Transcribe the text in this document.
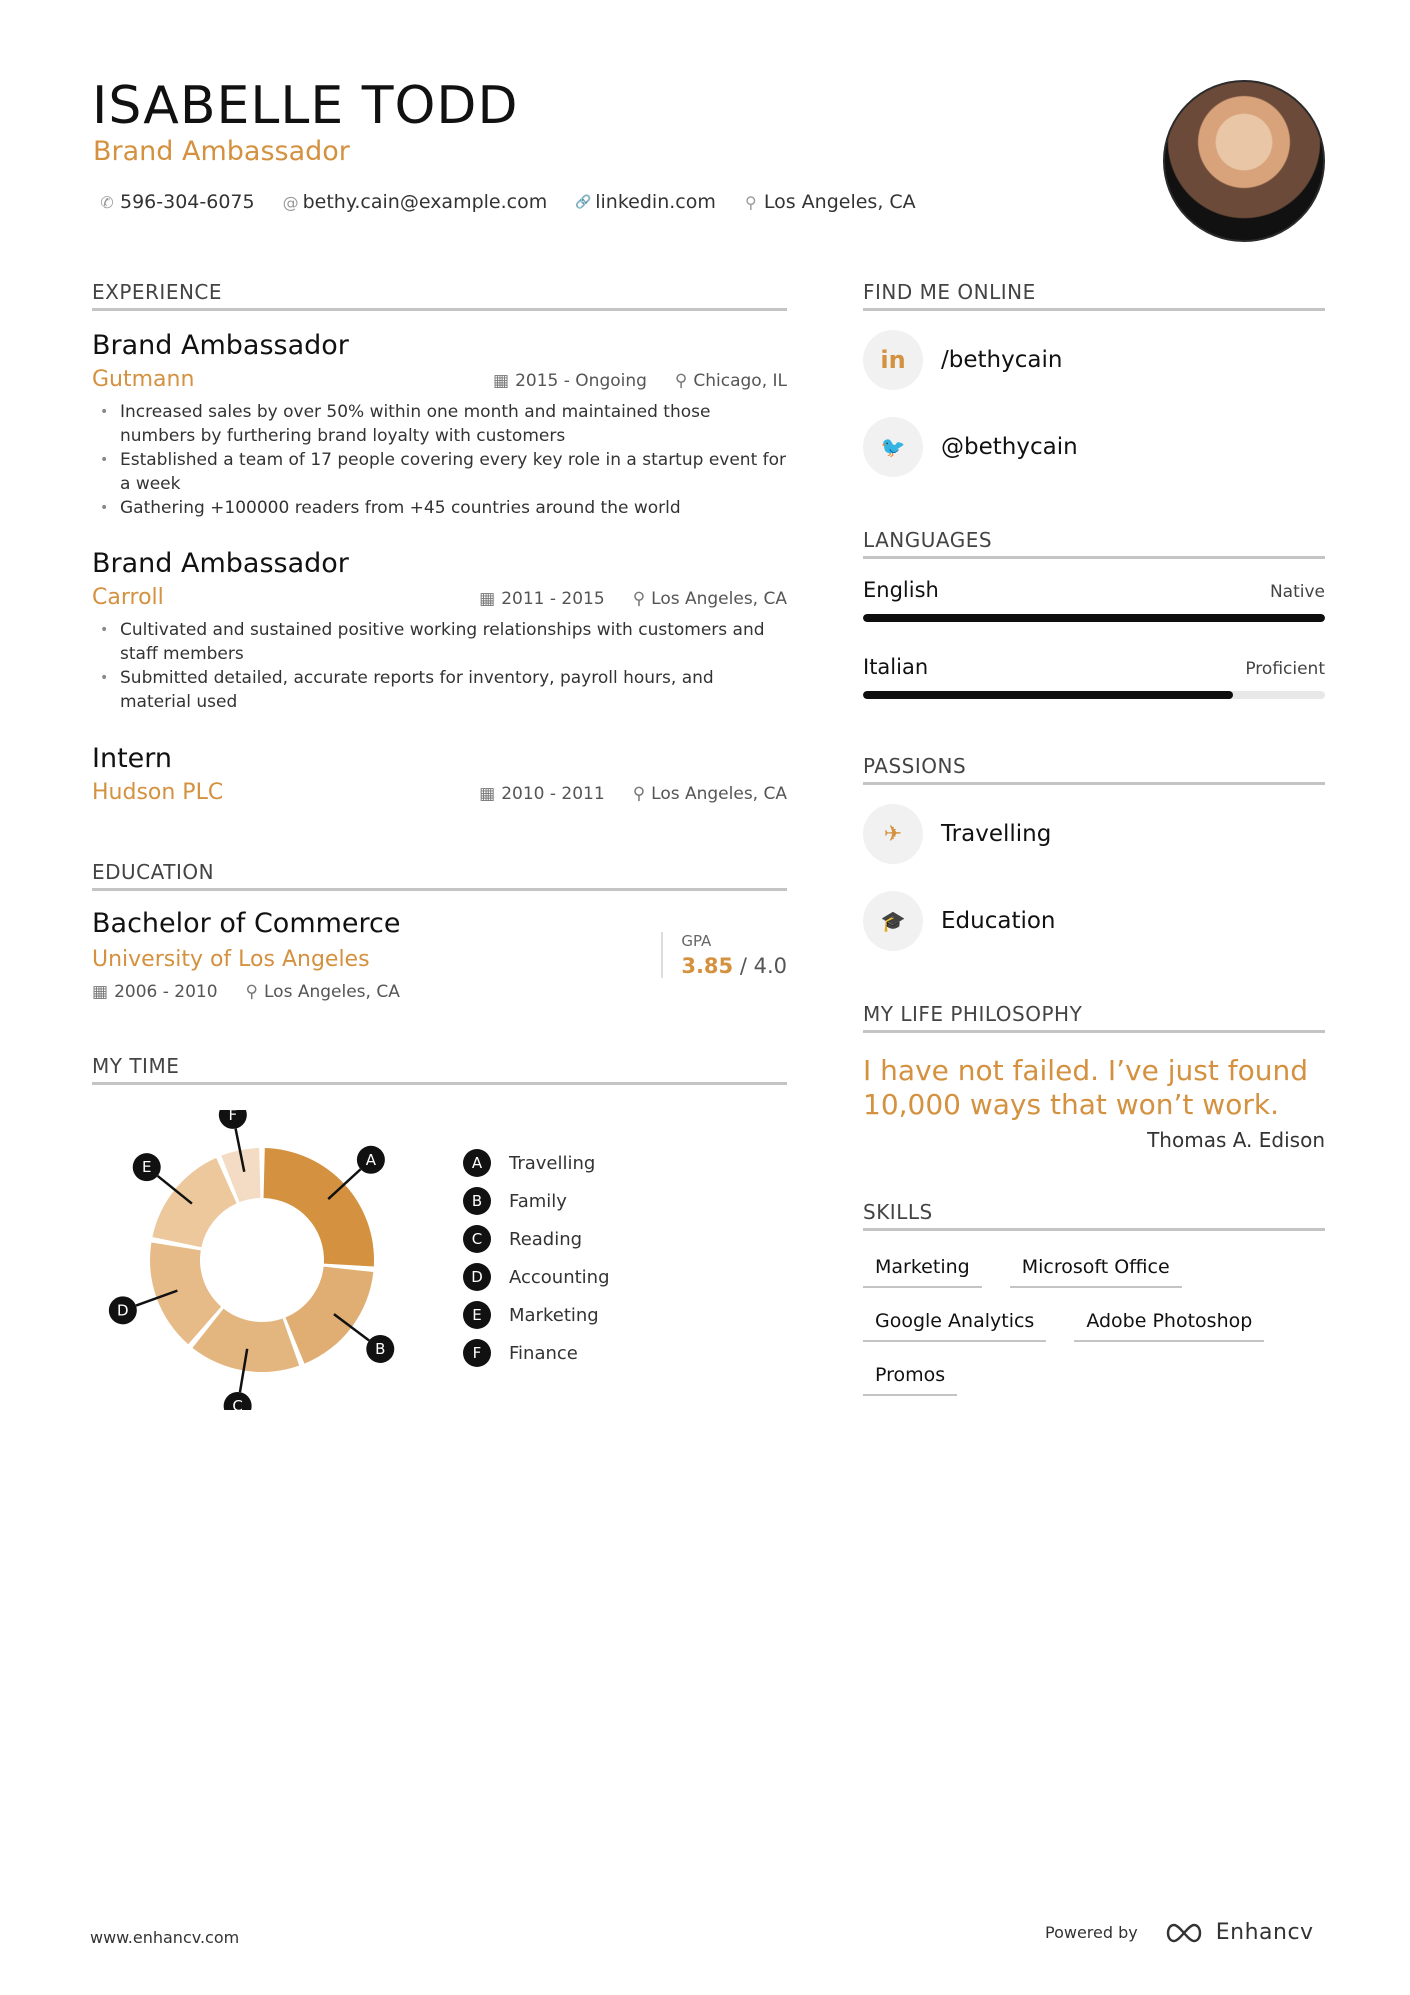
ISABELLE TODD
Brand Ambassador
✆ 596-304-6075 @ bethy.cain@example.com 🔗 linkedin.com ⚲ Los Angeles, CA
EXPERIENCE
Brand Ambassador
Gutmann	▦ 2015 - Ongoing ⚲ Chicago, IL
• Increased sales by over 50% within one month and maintained those numbers by furthering brand loyalty with customers
• Established a team of 17 people covering every key role in a startup event for a week
• Gathering +100000 readers from +45 countries around the world
Brand Ambassador
Carroll	▦ 2011 - 2015 ⚲ Los Angeles, CA
• Cultivated and sustained positive working relationships with customers and staff members
• Submitted detailed, accurate reports for inventory, payroll hours, and material used
Intern
Hudson PLC	▦ 2010 - 2011 ⚲ Los Angeles, CA
EDUCATION
Bachelor of Commerce
University of Los Angeles
▦ 2006 - 2010 ⚲ Los Angeles, CA
GPA
3.85 / 4.0
MY TIME
A
B
C
D
E
F
A	Travelling
B	Family
C	Reading
D	Accounting
E	Marketing
F	Finance
FIND ME ONLINE
in	/bethycain
🐦	@bethycain
LANGUAGES
English	Native
Italian	Proficient
PASSIONS
✈	Travelling
🎓	Education
MY LIFE PHILOSOPHY
I have not failed. I’ve just found 10,000 ways that won’t work.
Thomas A. Edison
SKILLS
Marketing	Microsoft Office
Google Analytics	Adobe Photoshop
Promos
www.enhancv.com	Powered by	Enhancv
